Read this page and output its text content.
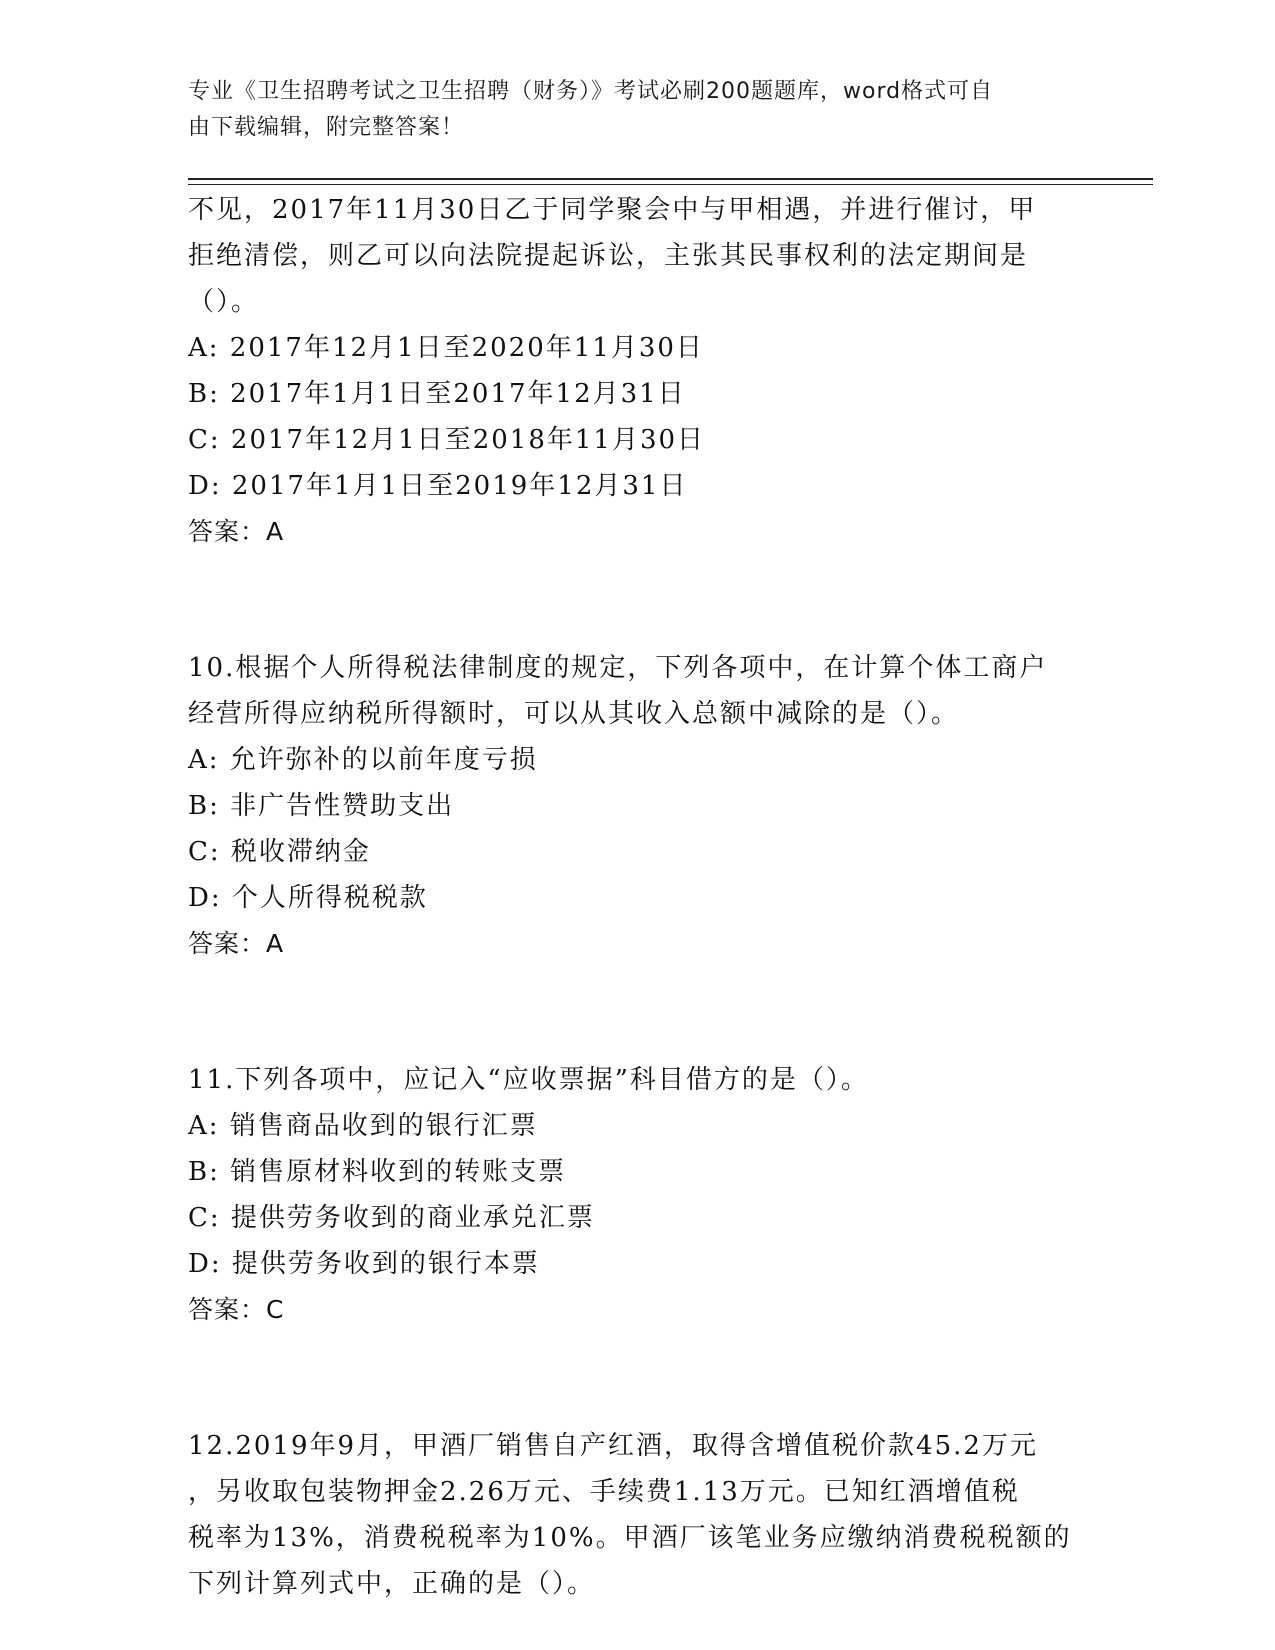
专业《卫生招聘考试之卫生招聘（财务）》考试必刷200题题库，word格式可自
由下载编辑，附完整答案！
不见，2017年11月30日乙于同学聚会中与甲相遇，并进行催讨，甲
拒绝清偿，则乙可以向法院提起诉讼，主张其民事权利的法定期间是
（）。
A: 2017年12月1日至2020年11月30日
B: 2017年1月1日至2017年12月31日
C: 2017年12月1日至2018年11月30日
D: 2017年1月1日至2019年12月31日
答案：A
10.根据个人所得税法律制度的规定，下列各项中，在计算个体工商户
经营所得应纳税所得额时，可以从其收入总额中减除的是（）。
A: 允许弥补的以前年度亏损
B: 非广告性赞助支出
C: 税收滞纳金
D: 个人所得税税款
答案：A
11.下列各项中，应记入“应收票据”科目借方的是（）。
A: 销售商品收到的银行汇票
B: 销售原材料收到的转账支票
C: 提供劳务收到的商业承兑汇票
D: 提供劳务收到的银行本票
答案：C
12.2019年9月，甲酒厂销售自产红酒，取得含增值税价款45.2万元
，另收取包装物押金2.26万元、手续费1.13万元。已知红酒增值税
税率为13%，消费税税率为10%。甲酒厂该笔业务应缴纳消费税税额的
下列计算列式中，正确的是（）。
